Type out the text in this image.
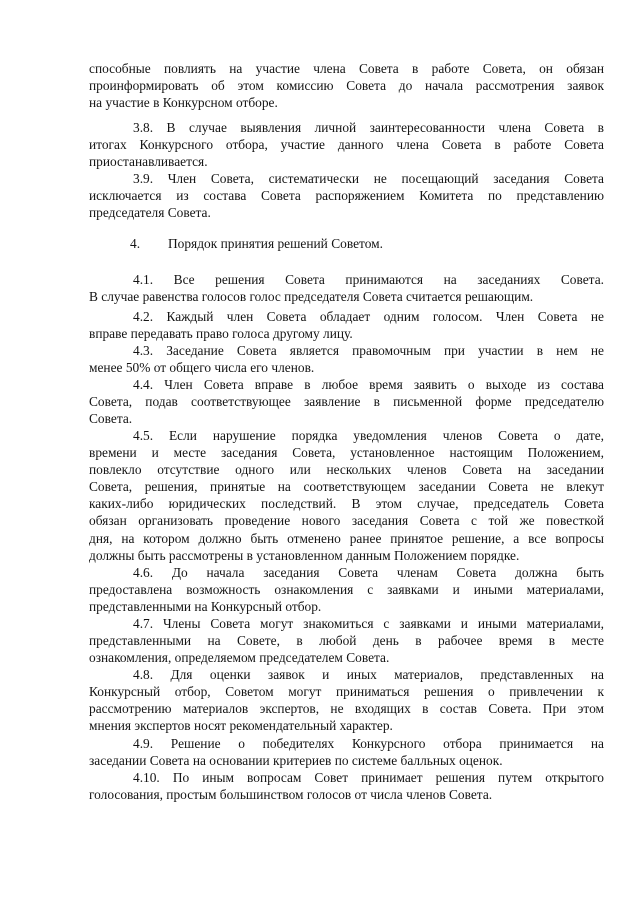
способные повлиять на участие члена Совета в работе Совета, он обязан
проинформировать об этом комиссию Совета до начала рассмотрения заявок
на участие в Конкурсном отборе.
3.8. В случае выявления личной заинтересованности члена Совета в
итогах Конкурсного отбора, участие данного члена Совета в работе Совета
приостанавливается.
3.9. Член Совета, систематически не посещающий заседания Совета
исключается из состава Совета распоряжением Комитета по представлению
председателя Совета.
4. Порядок принятия решений Советом.
4.1. Все решения Совета принимаются на заседаниях Совета.
В случае равенства голосов голос председателя Совета считается решающим.
4.2. Каждый член Совета обладает одним голосом. Член Совета не
вправе передавать право голоса другому лицу.
4.3. Заседание Совета является правомочным при участии в нем не
менее 50% от общего числа его членов.
4.4. Член Совета вправе в любое время заявить о выходе из состава
Совета, подав соответствующее заявление в письменной форме председателю
Совета.
4.5. Если нарушение порядка уведомления членов Совета о дате,
времени и месте заседания Совета, установленное настоящим Положением,
повлекло отсутствие одного или нескольких членов Совета на заседании
Совета, решения, принятые на соответствующем заседании Совета не влекут
каких-либо юридических последствий. В этом случае, председатель Совета
обязан организовать проведение нового заседания Совета с той же повесткой
дня, на котором должно быть отменено ранее принятое решение, а все вопросы
должны быть рассмотрены в установленном данным Положением порядке.
4.6. До начала заседания Совета членам Совета должна быть
предоставлена возможность ознакомления с заявками и иными материалами,
представленными на Конкурсный отбор.
4.7. Члены Совета могут знакомиться с заявками и иными материалами,
представленными на Совете, в любой день в рабочее время в месте
ознакомления, определяемом председателем Совета.
4.8. Для оценки заявок и иных материалов, представленных на
Конкурсный отбор, Советом могут приниматься решения о привлечении к
рассмотрению материалов экспертов, не входящих в состав Совета. При этом
мнения экспертов носят рекомендательный характер.
4.9. Решение о победителях Конкурсного отбора принимается на
заседании Совета на основании критериев по системе балльных оценок.
4.10. По иным вопросам Совет принимает решения путем открытого
голосования, простым большинством голосов от числа членов Совета.
